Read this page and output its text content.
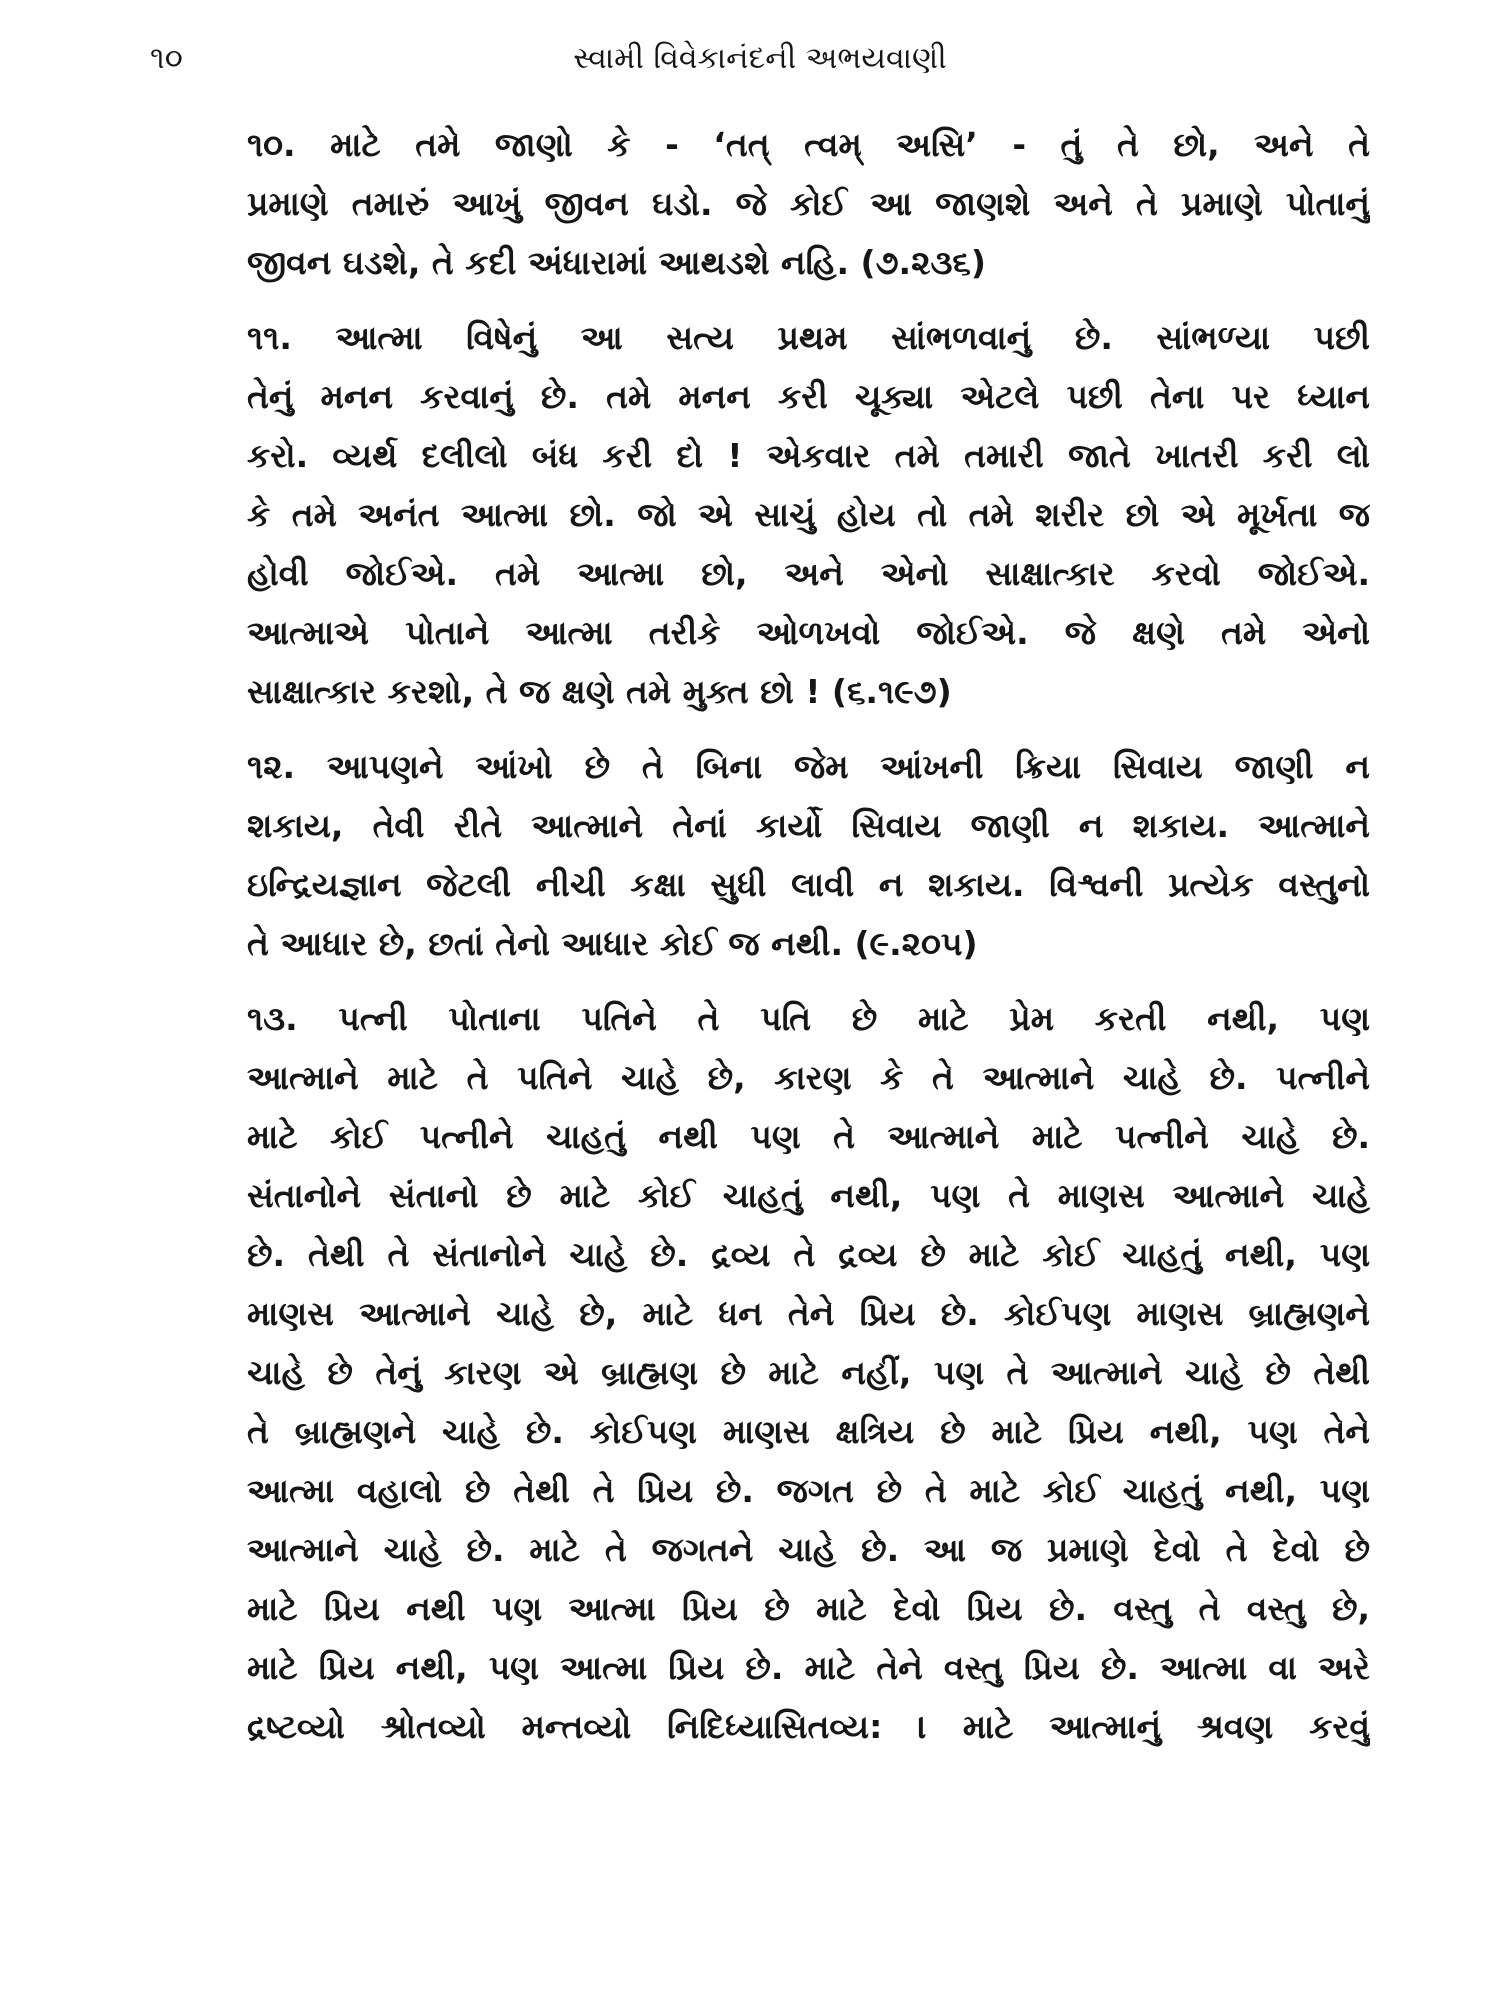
૧૦	સ્વામી વિવેકાનંદની અભયવાણી
૧૦. માટે તમે જાણો કે - ‘તત્ ત્વમ્ અસિ’ - તું તે છો, અને તે
પ્રમાણે તમારું આખું જીવન ઘડો. જે કોઈ આ જાણશે અને તે પ્રમાણે પોતાનું
જીવન ઘડશે, તે કદી અંધારામાં આથડશે નહિ. (૭.૨૩૬)
૧૧. આત્મા વિષેનું આ સત્ય પ્રથમ સાંભળવાનું છે. સાંભળ્યા પછી
તેનું મનન કરવાનું છે. તમે મનન કરી ચૂક્યા એટલે પછી તેના પર ધ્યાન
કરો. વ્યર્થ દલીલો બંધ કરી દો ! એકવાર તમે તમારી જાતે ખાતરી કરી લો
કે તમે અનંત આત્મા છો. જો એ સાચું હોય તો તમે શરીર છો એ મૂર્ખતા જ
હોવી જોઈએ. તમે આત્મા છો, અને એનો સાક્ષાત્કાર કરવો જોઈએ.
આત્માએ પોતાને આત્મા તરીકે ઓળખવો જોઈએ. જે ક્ષણે તમે એનો
સાક્ષાત્કાર કરશો, તે જ ક્ષણે તમે મુક્ત છો ! (૬.૧૯૭)
૧૨. આપણને આંખો છે તે બિના જેમ આંખની ક્રિયા સિવાય જાણી ન
શકાય, તેવી રીતે આત્માને તેનાં કાર્યો સિવાય જાણી ન શકાય. આત્માને
ઇન્દ્રિયજ્ઞાન જેટલી નીચી કક્ષા સુધી લાવી ન શકાય. વિશ્વની પ્રત્યેક વસ્તુનો
તે આધાર છે, છતાં તેનો આધાર કોઈ જ નથી. (૯.૨૦૫)
૧૩. પત્ની પોતાના પતિને તે પતિ છે માટે પ્રેમ કરતી નથી, પણ
આત્માને માટે તે પતિને ચાહે છે, કારણ કે તે આત્માને ચાહે છે. પત્નીને
માટે કોઈ પત્નીને ચાહતું નથી પણ તે આત્માને માટે પત્નીને ચાહે છે.
સંતાનોને સંતાનો છે માટે કોઈ ચાહતું નથી, પણ તે માણસ આત્માને ચાહે
છે. તેથી તે સંતાનોને ચાહે છે. દ્રવ્ય તે દ્રવ્ય છે માટે કોઈ ચાહતું નથી, પણ
માણસ આત્માને ચાહે છે, માટે ધન તેને પ્રિય છે. કોઈપણ માણસ બ્રાહ્મણને
ચાહે છે તેનું કારણ એ બ્રાહ્મણ છે માટે નહીં, પણ તે આત્માને ચાહે છે તેથી
તે બ્રાહ્મણને ચાહે છે. કોઈપણ માણસ ક્ષત્રિય છે માટે પ્રિય નથી, પણ તેને
આત્મા વહાલો છે તેથી તે પ્રિય છે. જગત છે તે માટે કોઈ ચાહતું નથી, પણ
આત્માને ચાહે છે. માટે તે જગતને ચાહે છે. આ જ પ્રમાણે દેવો તે દેવો છે
માટે પ્રિય નથી પણ આત્મા પ્રિય છે માટે દેવો પ્રિય છે. વસ્તુ તે વસ્તુ છે,
માટે પ્રિય નથી, પણ આત્મા પ્રિય છે. માટે તેને વસ્તુ પ્રિય છે. આત્મા વા અરે
દ્રષ્ટવ્યો શ્રોતવ્યો મન્તવ્યો નિદિધ્યાસિતવ્ય: । માટે આત્માનું શ્રવણ કરવું
